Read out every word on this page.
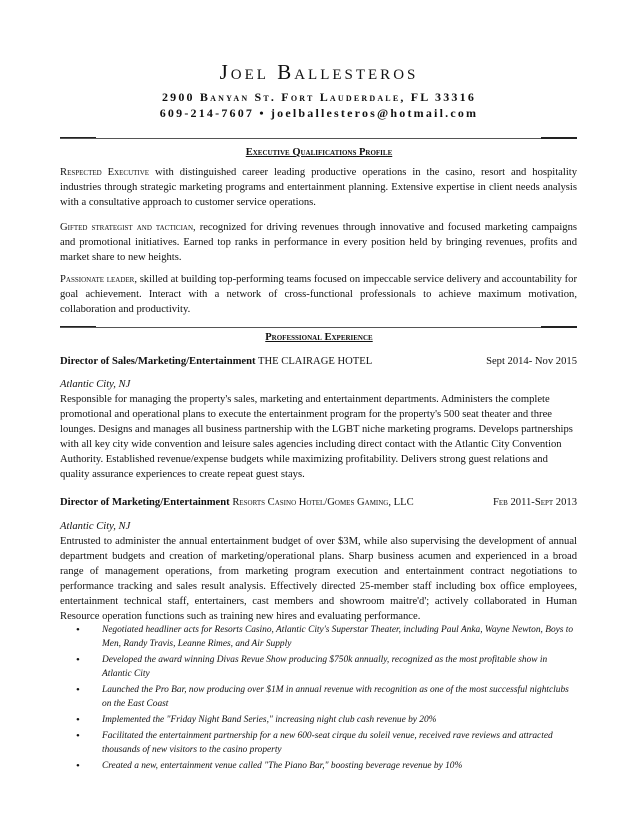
Joel Ballesteros
2900 Banyan St. Fort Lauderdale, FL 33316
609-214-7607 • joelballesteros@hotmail.com
Executive Qualifications Profile
Respected Executive with distinguished career leading productive operations in the casino, resort and hospitality industries through strategic marketing programs and entertainment planning. Extensive expertise in client needs analysis with a consultative approach to customer service operations.
Gifted strategist and tactician, recognized for driving revenues through innovative and focused marketing campaigns and promotional initiatives. Earned top ranks in performance in every position held by bringing revenues, profits and market share to new heights.
Passionate leader, skilled at building top-performing teams focused on impeccable service delivery and accountability for goal achievement. Interact with a network of cross-functional professionals to achieve maximum motivation, collaboration and productivity.
Professional Experience
Director of Sales/Marketing/Entertainment THE CLAIRAGE HOTEL	Sept 2014- Nov 2015
Atlantic City, NJ
Responsible for managing the property's sales, marketing and entertainment departments. Administers the complete promotional and operational plans to execute the entertainment program for the property's 500 seat theater and three lounges. Designs and manages all business partnership with the LGBT niche marketing programs. Develops partnerships with all key city wide convention and leisure sales agencies including direct contact with the Atlantic City Convention Authority. Established revenue/expense budgets while maximizing profitability. Delivers strong guest relations and quality assurance experiences to create repeat guest stays.
Director of Marketing/Entertainment Resorts Casino Hotel/Gomes Gaming, LLC	Feb 2011-Sept 2013
Atlantic City, NJ
Entrusted to administer the annual entertainment budget of over $3M, while also supervising the development of annual department budgets and creation of marketing/operational plans. Sharp business acumen and experienced in a broad range of management operations, from marketing program execution and entertainment contract negotiations to performance tracking and sales result analysis. Effectively directed 25-member staff including box office employees, entertainment technical staff, entertainers, cast members and showroom maitre'd'; actively collaborated in Human Resource operation functions such as training new hires and evaluating performance.
• Negotiated headliner acts for Resorts Casino, Atlantic City's Superstar Theater, including Paul Anka, Wayne Newton, Boys to Men, Randy Travis, Leanne Rimes, and Air Supply
• Developed the award winning Divas Revue Show producing $750k annually, recognized as the most profitable show in Atlantic City
• Launched the Pro Bar, now producing over $1M in annual revenue with recognition as one of the most successful nightclubs on the East Coast
• Implemented the "Friday Night Band Series," increasing night club cash revenue by 20%
• Facilitated the entertainment partnership for a new 600-seat cirque du soleil venue, received rave reviews and attracted thousands of new visitors to the casino property
• Created a new, entertainment venue called "The Piano Bar," boosting beverage revenue by 10%
